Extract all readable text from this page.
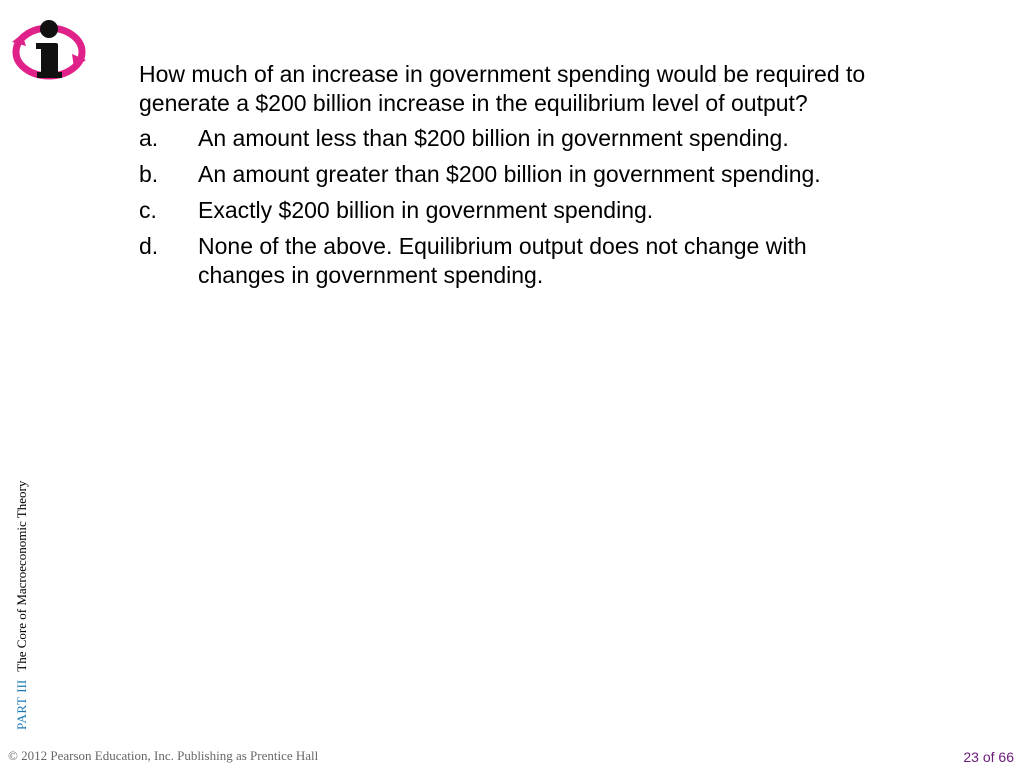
How much of an increase in government spending would be required to generate a $200 billion increase in the equilibrium level of output?

a.	An amount less than $200 billion in government spending.
b.	An amount greater than $200 billion in government spending.
c.	Exactly $200 billion in government spending.
d.	None of the above. Equilibrium output does not change with changes in government spending.
PARTIIIThe Core of Macroeconomic Theory
© 2012 Pearson Education, Inc. Publishing as Prentice Hall	23 of 66
